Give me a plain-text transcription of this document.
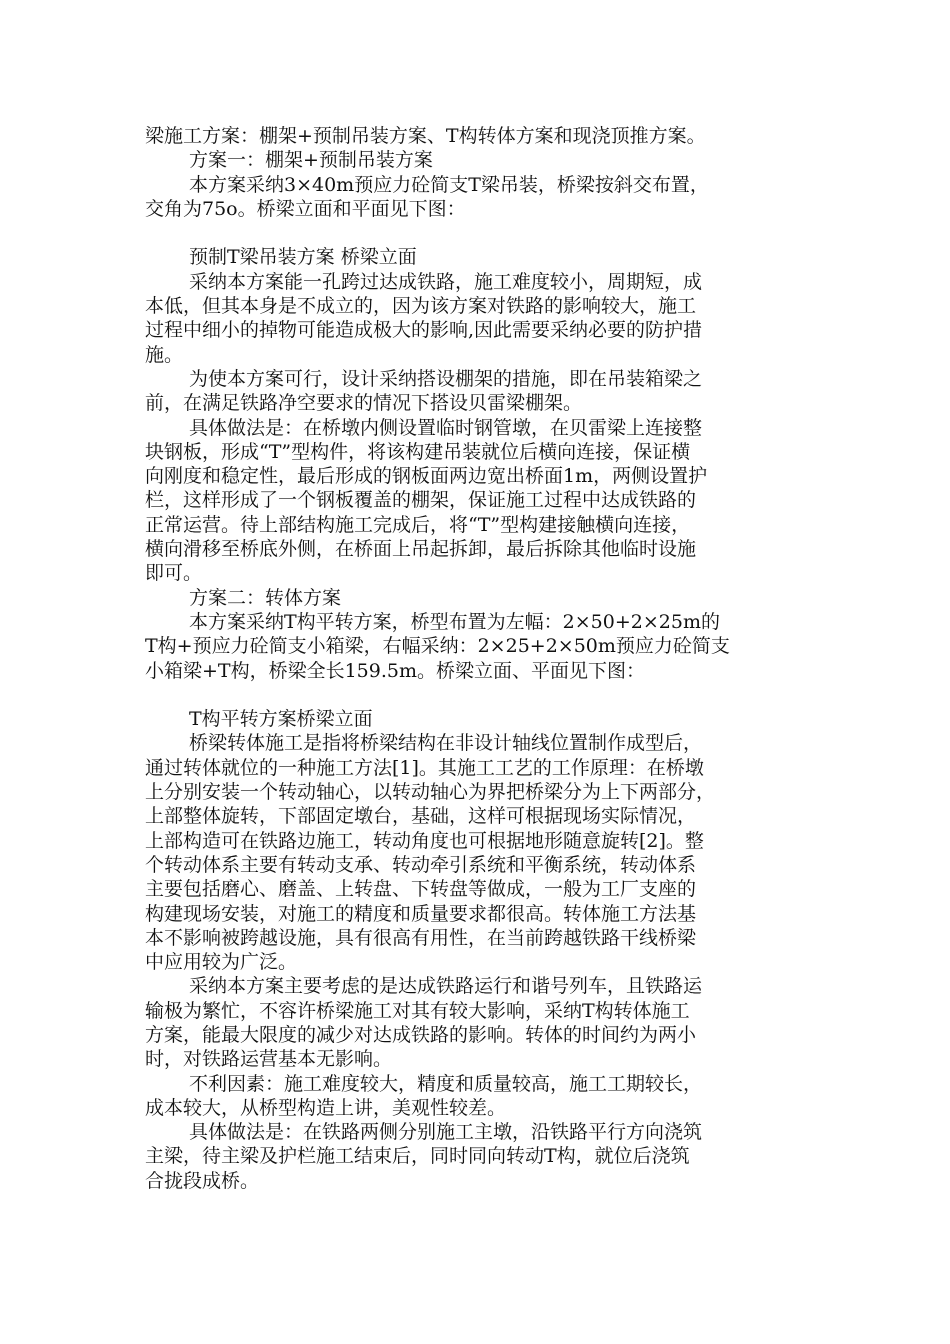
梁施工方案：棚架+预制吊装方案、T构转体方案和现浇顶推方案。
方案一：棚架+预制吊装方案
本方案采纳3×40m预应力砼简支T梁吊装，桥梁按斜交布置，
交角为75o。桥梁立面和平面见下图：
预制T梁吊装方案 桥梁立面
采纳本方案能一孔跨过达成铁路，施工难度较小，周期短，成
本低，但其本身是不成立的，因为该方案对铁路的影响较大，施工
过程中细小的掉物可能造成极大的影响,因此需要采纳必要的防护措
施。
为使本方案可行，设计采纳搭设棚架的措施，即在吊装箱梁之
前，在满足铁路净空要求的情况下搭设贝雷梁棚架。
具体做法是：在桥墩内侧设置临时钢管墩，在贝雷梁上连接整
块钢板，形成“T”型构件，将该构建吊装就位后横向连接，保证横
向刚度和稳定性，最后形成的钢板面两边宽出桥面1m，两侧设置护
栏，这样形成了一个钢板覆盖的棚架，保证施工过程中达成铁路的
正常运营。待上部结构施工完成后，将“T”型构建接触横向连接，
横向滑移至桥底外侧，在桥面上吊起拆卸，最后拆除其他临时设施
即可。
方案二：转体方案
本方案采纳T构平转方案，桥型布置为左幅：2×50+2×25m的
T构+预应力砼简支小箱梁，右幅采纳：2×25+2×50m预应力砼简支
小箱梁+T构，桥梁全长159.5m。桥梁立面、平面见下图：
T构平转方案桥梁立面
桥梁转体施工是指将桥梁结构在非设计轴线位置制作成型后，
通过转体就位的一种施工方法[1]。其施工工艺的工作原理：在桥墩
上分别安装一个转动轴心，以转动轴心为界把桥梁分为上下两部分，
上部整体旋转，下部固定墩台，基础，这样可根据现场实际情况，
上部构造可在铁路边施工，转动角度也可根据地形随意旋转[2]。整
个转动体系主要有转动支承、转动牵引系统和平衡系统，转动体系
主要包括磨心、磨盖、上转盘、下转盘等做成，一般为工厂支座的
构建现场安装，对施工的精度和质量要求都很高。转体施工方法基
本不影响被跨越设施，具有很高有用性，在当前跨越铁路干线桥梁
中应用较为广泛。
采纳本方案主要考虑的是达成铁路运行和谐号列车，且铁路运
输极为繁忙，不容许桥梁施工对其有较大影响，采纳T构转体施工
方案，能最大限度的减少对达成铁路的影响。转体的时间约为两小
时，对铁路运营基本无影响。
不利因素：施工难度较大，精度和质量较高，施工工期较长，
成本较大，从桥型构造上讲，美观性较差。
具体做法是：在铁路两侧分别施工主墩，沿铁路平行方向浇筑
主梁，待主梁及护栏施工结束后，同时同向转动T构，就位后浇筑
合拢段成桥。
